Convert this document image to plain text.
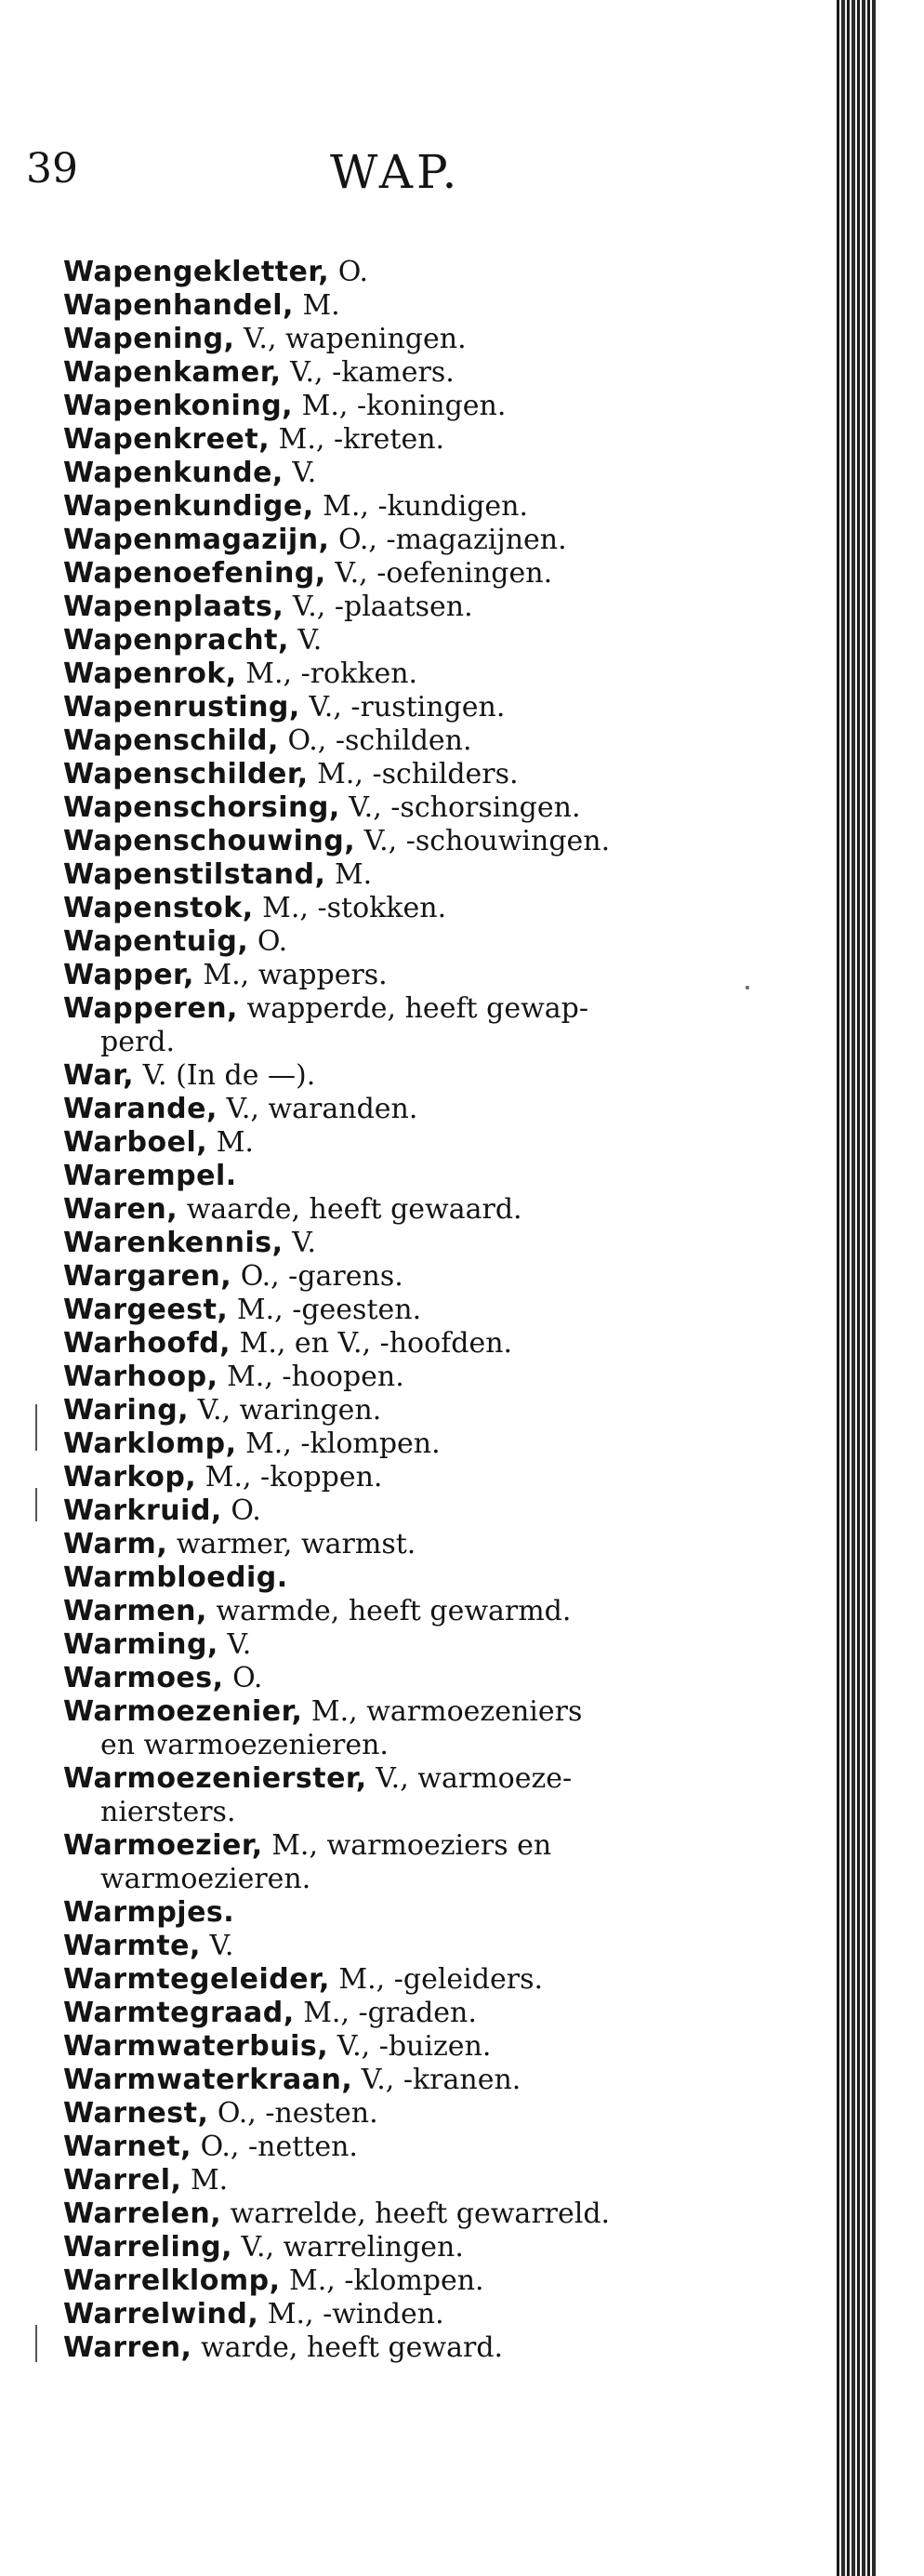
39	WAP.
Wapengekletter, O.
Wapenhandel, M.
Wapening, V., wapeningen.
Wapenkamer, V., -kamers.
Wapenkoning, M., -koningen.
Wapenkreet, M., -kreten.
Wapenkunde, V.
Wapenkundige, M., -kundigen.
Wapenmagazijn, O., -magazijnen.
Wapenoefening, V., -oefeningen.
Wapenplaats, V., -plaatsen.
Wapenpracht, V.
Wapenrok, M., -rokken.
Wapenrusting, V., -rustingen.
Wapenschild, O., -schilden.
Wapenschilder, M., -schilders.
Wapenschorsing, V., -schorsingen.
Wapenschouwing, V., -schouwingen.
Wapenstilstand, M.
Wapenstok, M., -stokken.
Wapentuig, O.
Wapper, M., wappers.
Wapperen, wapperde, heeft gewap-
perd.
War, V. (In de —).
Warande, V., waranden.
Warboel, M.
Warempel.
Waren, waarde, heeft gewaard.
Warenkennis, V.
Wargaren, O., -garens.
Wargeest, M., -geesten.
Warhoofd, M., en V., -hoofden.
Warhoop, M., -hoopen.
Waring, V., waringen.
Warklomp, M., -klompen.
Warkop, M., -koppen.
Warkruid, O.
Warm, warmer, warmst.
Warmbloedig.
Warmen, warmde, heeft gewarmd.
Warming, V.
Warmoes, O.
Warmoezenier, M., warmoezeniers
en warmoezenieren.
Warmoezenierster, V., warmoeze-
niersters.
Warmoezier, M., warmoeziers en
warmoezieren.
Warmpjes.
Warmte, V.
Warmtegeleider, M., -geleiders.
Warmtegraad, M., -graden.
Warmwaterbuis, V., -buizen.
Warmwaterkraan, V., -kranen.
Warnest, O., -nesten.
Warnet, O., -netten.
Warrel, M.
Warrelen, warrelde, heeft gewarreld.
Warreling, V., warrelingen.
Warrelklomp, M., -klompen.
Warrelwind, M., -winden.
Warren, warde, heeft geward.
